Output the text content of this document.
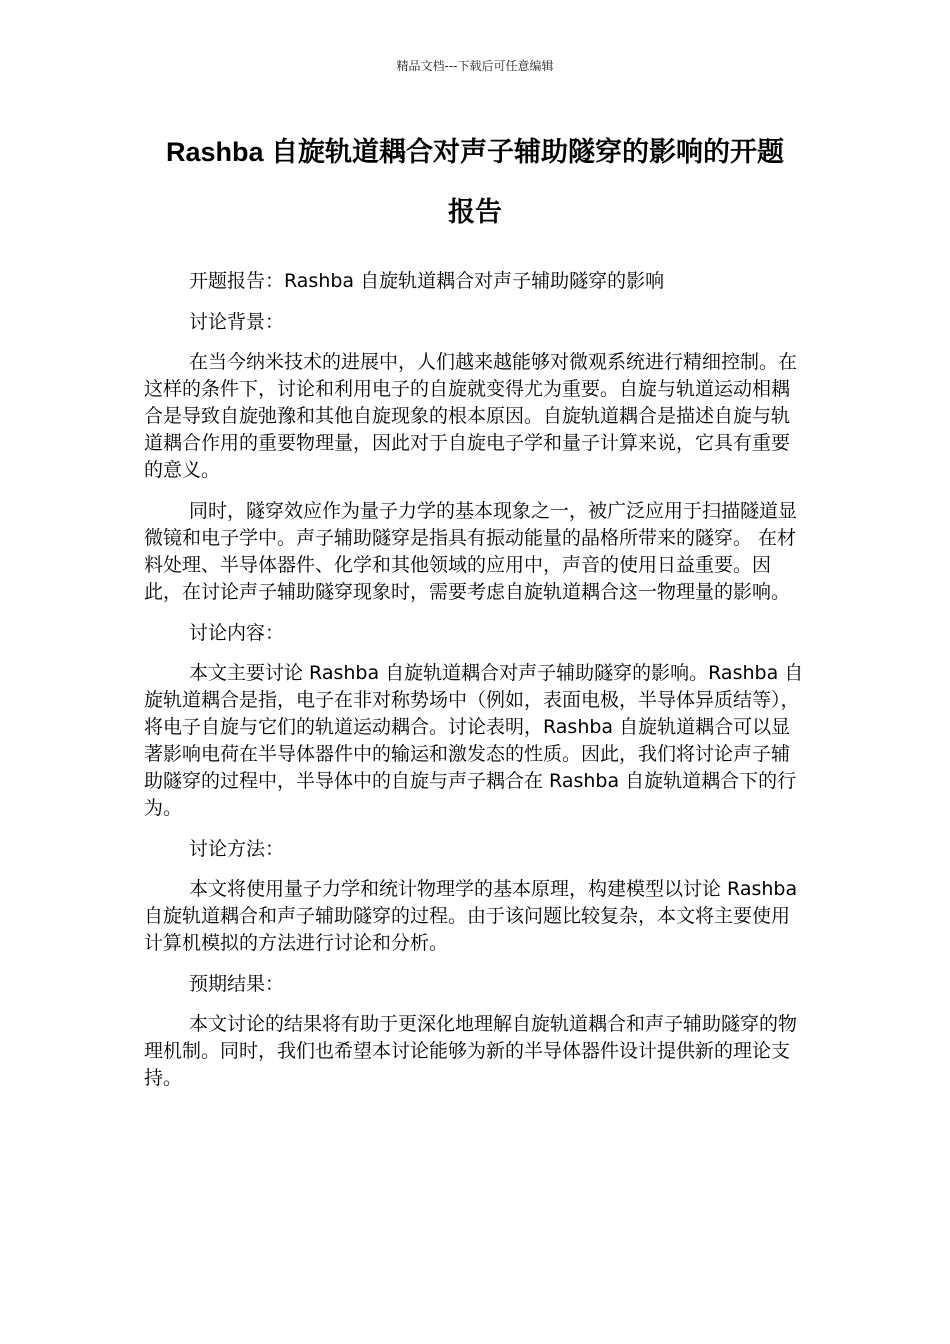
精品文档---下载后可任意编辑
Rashba 自旋轨道耦合对声子辅助隧穿的影响的开题
报告

开题报告：Rashba 自旋轨道耦合对声子辅助隧穿的影响

讨论背景：

在当今纳米技术的进展中，人们越来越能够对微观系统进行精细控制。在这样的条件下，讨论和利用电子的自旋就变得尤为重要。自旋与轨道运动相耦合是导致自旋弛豫和其他自旋现象的根本原因。自旋轨道耦合是描述自旋与轨道耦合作用的重要物理量，因此对于自旋电子学和量子计算来说，它具有重要的意义。

同时，隧穿效应作为量子力学的基本现象之一，被广泛应用于扫描隧道显微镜和电子学中。声子辅助隧穿是指具有振动能量的晶格所带来的隧穿。 在材料处理、半导体器件、化学和其他领域的应用中，声音的使用日益重要。因此，在讨论声子辅助隧穿现象时，需要考虑自旋轨道耦合这一物理量的影响。

讨论内容：

本文主要讨论 Rashba 自旋轨道耦合对声子辅助隧穿的影响。Rashba 自旋轨道耦合是指，电子在非对称势场中（例如，表面电极，半导体异质结等），将电子自旋与它们的轨道运动耦合。讨论表明，Rashba 自旋轨道耦合可以显著影响电荷在半导体器件中的输运和激发态的性质。因此，我们将讨论声子辅助隧穿的过程中，半导体中的自旋与声子耦合在 Rashba 自旋轨道耦合下的行为。

讨论方法：

本文将使用量子力学和统计物理学的基本原理，构建模型以讨论 Rashba 自旋轨道耦合和声子辅助隧穿的过程。由于该问题比较复杂，本文将主要使用计算机模拟的方法进行讨论和分析。

预期结果：

本文讨论的结果将有助于更深化地理解自旋轨道耦合和声子辅助隧穿的物理机制。同时，我们也希望本讨论能够为新的半导体器件设计提供新的理论支持。
